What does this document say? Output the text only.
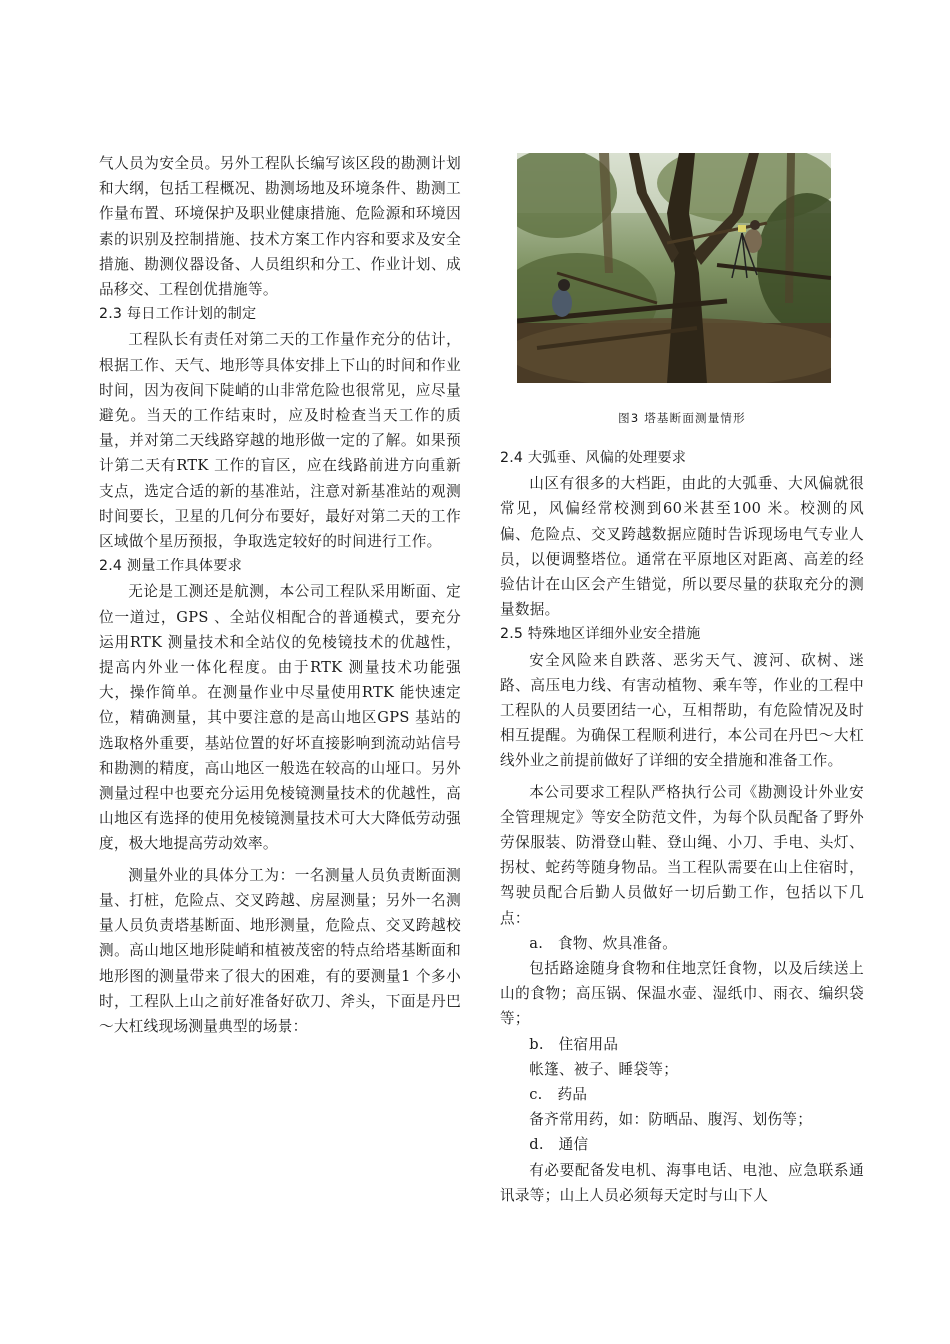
气人员为安全员。另外工程队长编写该区段的勘测计划和大纲，包括工程概况、勘测场地及环境条件、勘测工作量布置、环境保护及职业健康措施、危险源和环境因素的识别及控制措施、技术方案工作内容和要求及安全措施、勘测仪器设备、人员组织和分工、作业计划、成品移交、工程创优措施等。

2.3 每日工作计划的制定

工程队长有责任对第二天的工作量作充分的估计，根据工作、天气、地形等具体安排上下山的时间和作业时间，因为夜间下陡峭的山非常危险也很常见，应尽量避免。当天的工作结束时，应及时检查当天工作的质量，并对第二天线路穿越的地形做一定的了解。如果预计第二天有RTK 工作的盲区，应在线路前进方向重新支点，选定合适的新的基准站，注意对新基准站的观测时间要长，卫星的几何分布要好，最好对第二天的工作区域做个星历预报，争取选定较好的时间进行工作。

2.4 测量工作具体要求

无论是工测还是航测，本公司工程队采用断面、定位一道过，GPS 、全站仪相配合的普通模式，要充分运用RTK 测量技术和全站仪的免棱镜技术的优越性，提高内外业一体化程度。由于RTK 测量技术功能强大，操作简单。在测量作业中尽量使用RTK 能快速定位，精确测量，其中要注意的是高山地区GPS 基站的选取格外重要，基站位置的好坏直接影响到流动站信号和勘测的精度，高山地区一般选在较高的山垭口。另外测量过程中也要充分运用免棱镜测量技术的优越性，高山地区有选择的使用免棱镜测量技术可大大降低劳动强度，极大地提高劳动效率。

测量外业的具体分工为：一名测量人员负责断面测量、打桩，危险点、交叉跨越、房屋测量；另外一名测量人员负责塔基断面、地形测量，危险点、交叉跨越校测。高山地区地形陡峭和植被茂密的特点给塔基断面和地形图的测量带来了很大的困难，有的要测量1 个多小时，工程队上山之前好准备好砍刀、斧头，下面是丹巴～大杠线现场测量典型的场景：

图3 塔基断面测量情形
2.4 大弧垂、风偏的处理要求

山区有很多的大档距，由此的大弧垂、大风偏就很常见，风偏经常校测到60米甚至100 米。校测的风偏、危险点、交叉跨越数据应随时告诉现场电气专业人员，以便调整塔位。通常在平原地区对距离、高差的经验估计在山区会产生错觉，所以要尽量的获取充分的测量数据。

2.5 特殊地区详细外业安全措施

安全风险来自跌落、恶劣天气、渡河、砍树、迷路、高压电力线、有害动植物、乘车等，作业的工程中工程队的人员要团结一心，互相帮助，有危险情况及时相互提醒。为确保工程顺利进行，本公司在丹巴～大杠线外业之前提前做好了详细的安全措施和准备工作。

本公司要求工程队严格执行公司《勘测设计外业安全管理规定》等安全防范文件，为每个队员配备了野外劳保服装、防滑登山鞋、登山绳、小刀、手电、头灯、拐杖、蛇药等随身物品。当工程队需要在山上住宿时，驾驶员配合后勤人员做好一切后勤工作，包括以下几点：

a.　食物、炊具准备。

包括路途随身食物和住地烹饪食物，以及后续送上山的食物；高压锅、保温水壶、湿纸巾、雨衣、编织袋等；

b.　住宿用品

帐篷、被子、睡袋等；

c.　药品

备齐常用药，如：防晒品、腹泻、划伤等；

d.　通信

有必要配备发电机、海事电话、电池、应急联系通讯录等；山上人员必须每天定时与山下人
